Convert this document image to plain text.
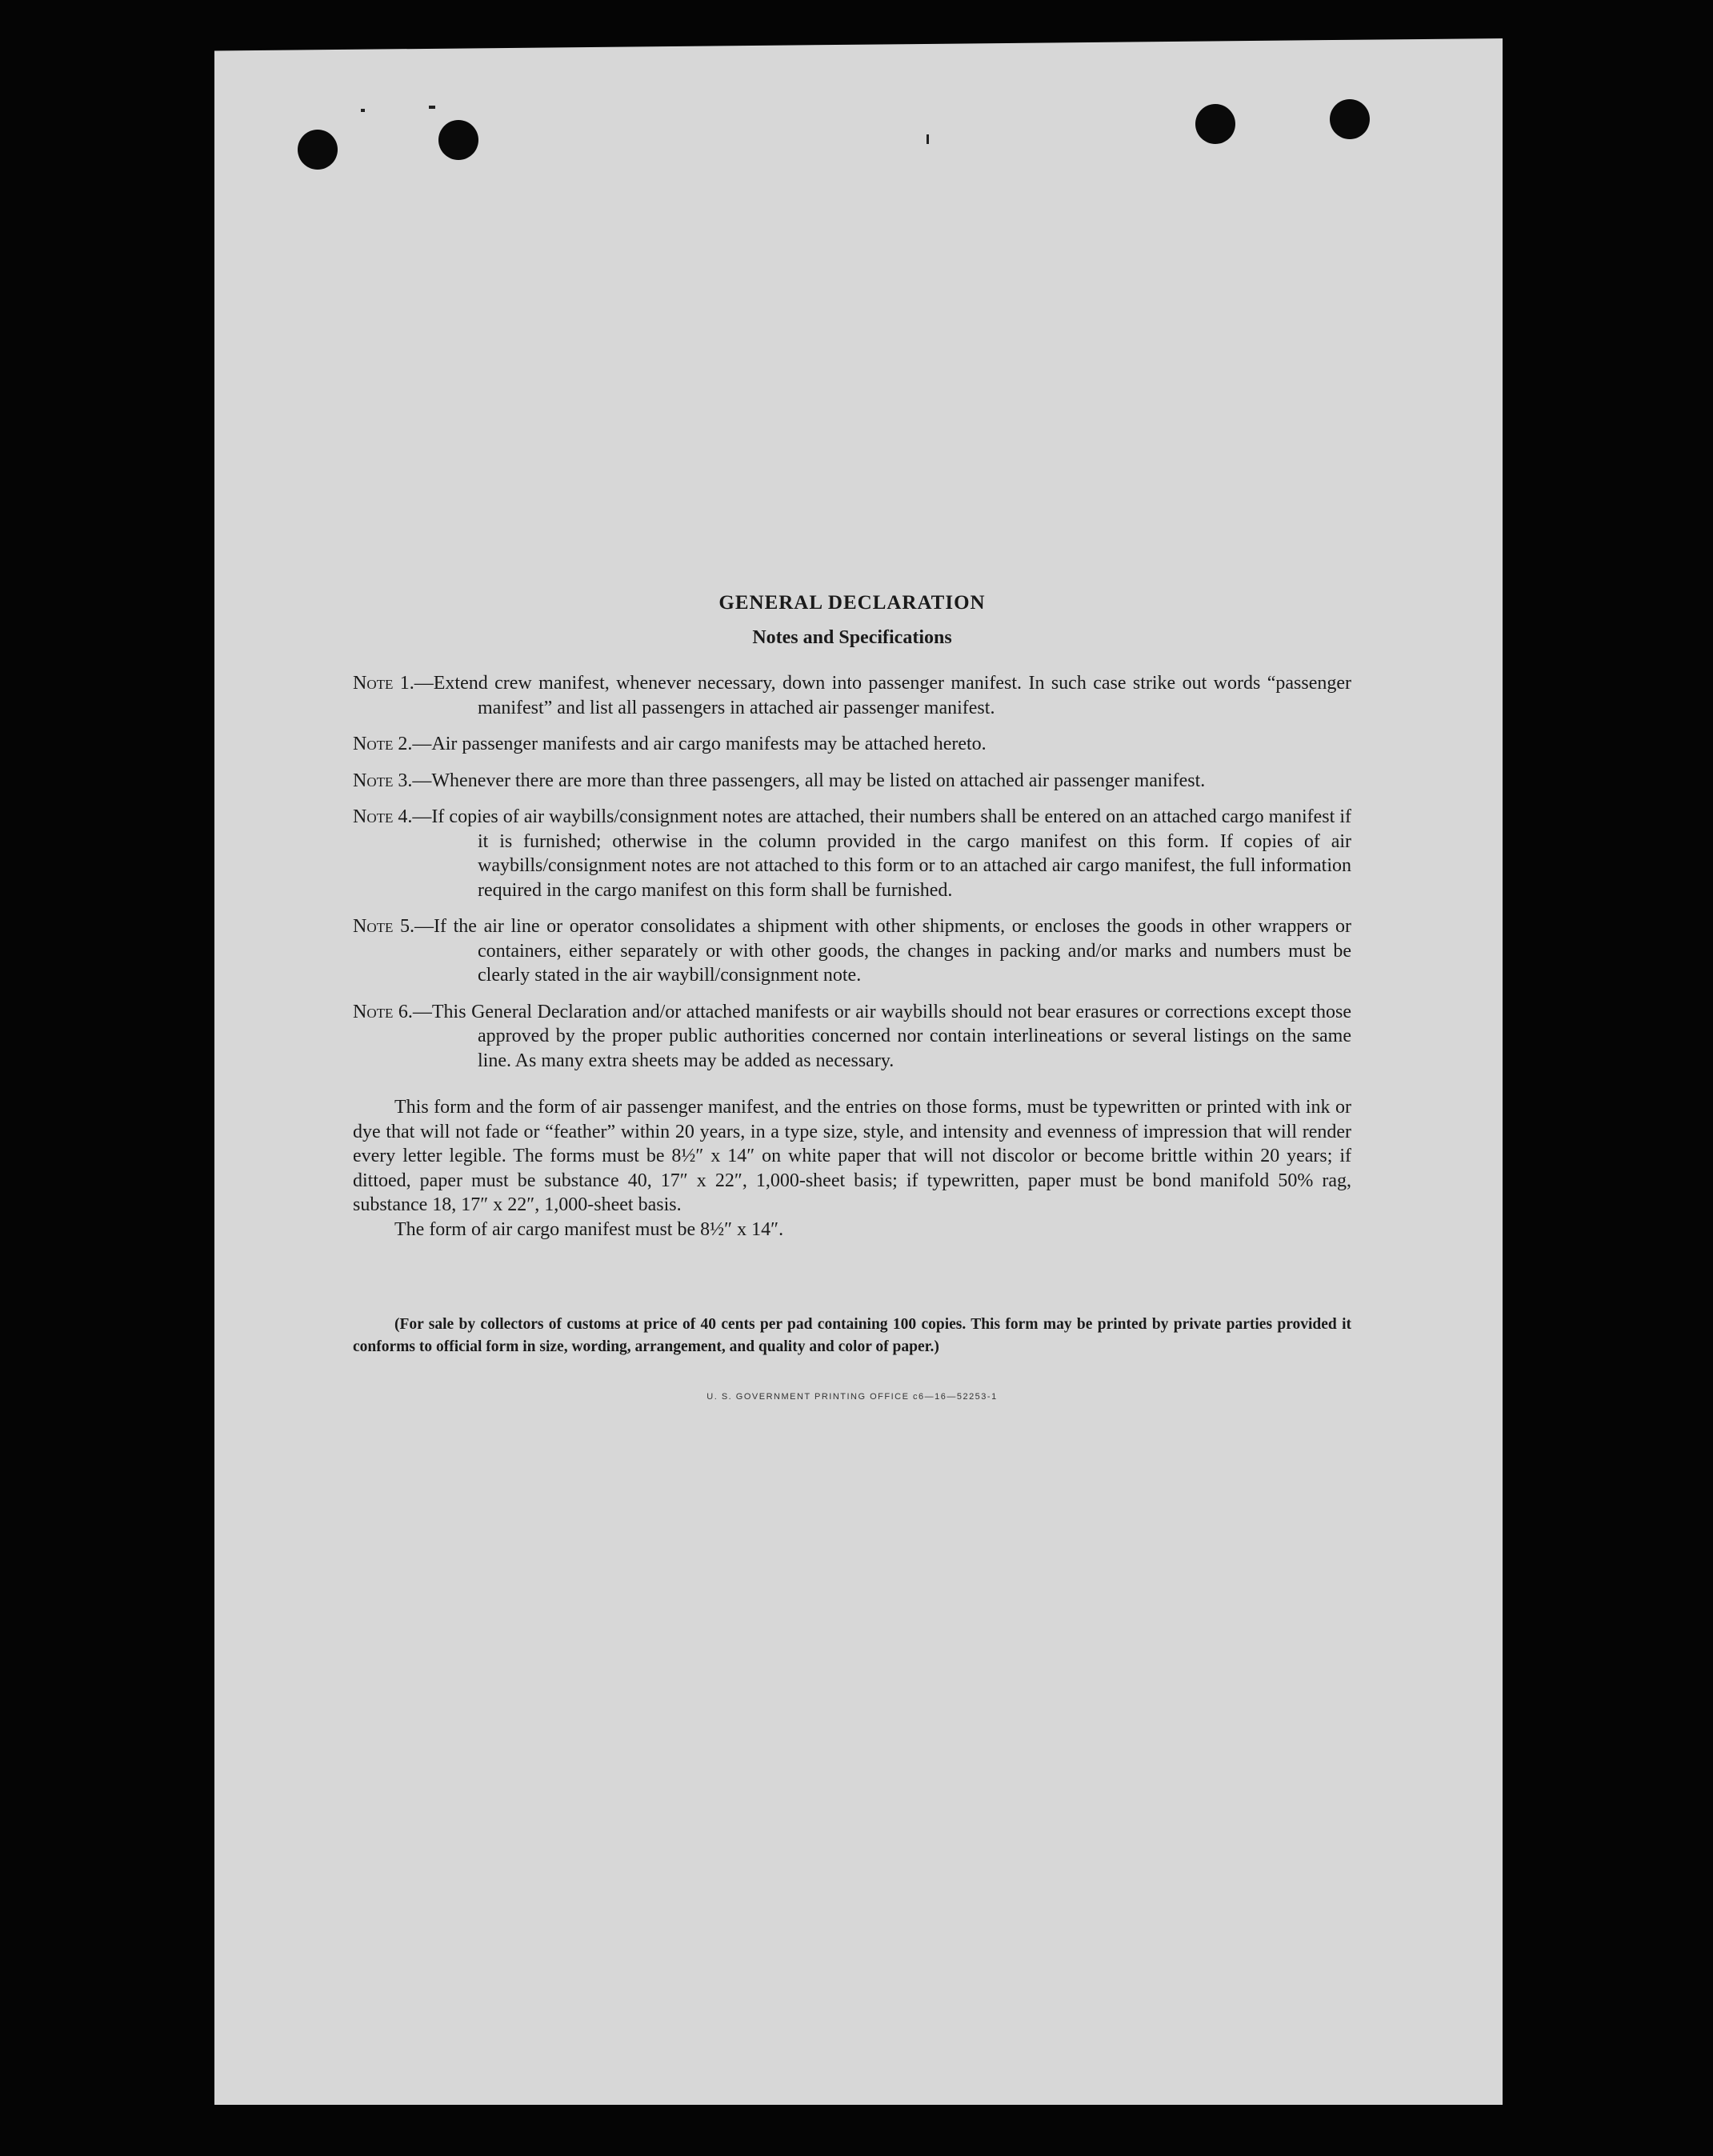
GENERAL DECLARATION
Notes and Specifications
Note 1.—Extend crew manifest, whenever necessary, down into passenger manifest. In such case strike out words “passenger manifest” and list all passengers in attached air passenger manifest.
Note 2.—Air passenger manifests and air cargo manifests may be attached hereto.
Note 3.—Whenever there are more than three passengers, all may be listed on attached air passenger manifest.
Note 4.—If copies of air waybills/consignment notes are attached, their numbers shall be entered on an attached cargo manifest if it is furnished; otherwise in the column provided in the cargo manifest on this form. If copies of air waybills/consignment notes are not attached to this form or to an attached air cargo manifest, the full information required in the cargo manifest on this form shall be furnished.
Note 5.—If the air line or operator consolidates a shipment with other shipments, or encloses the goods in other wrappers or containers, either separately or with other goods, the changes in packing and/or marks and numbers must be clearly stated in the air waybill/consignment note.
Note 6.—This General Declaration and/or attached manifests or air waybills should not bear erasures or corrections except those approved by the proper public authorities concerned nor contain interlineations or several listings on the same line. As many extra sheets may be added as necessary.

This form and the form of air passenger manifest, and the entries on those forms, must be typewritten or printed with ink or dye that will not fade or “feather” within 20 years, in a type size, style, and intensity and evenness of impression that will render every letter legible. The forms must be 8½″ x 14″ on white paper that will not discolor or become brittle within 20 years; if dittoed, paper must be substance 40, 17″ x 22″, 1,000-sheet basis; if typewritten, paper must be bond manifold 50% rag, substance 18, 17″ x 22″, 1,000-sheet basis.

The form of air cargo manifest must be 8½″ x 14″.

(For sale by collectors of customs at price of 40 cents per pad containing 100 copies. This form may be printed by private parties provided it conforms to official form in size, wording, arrangement, and quality and color of paper.)

U. S. GOVERNMENT PRINTING OFFICE c6—16—52253-1
